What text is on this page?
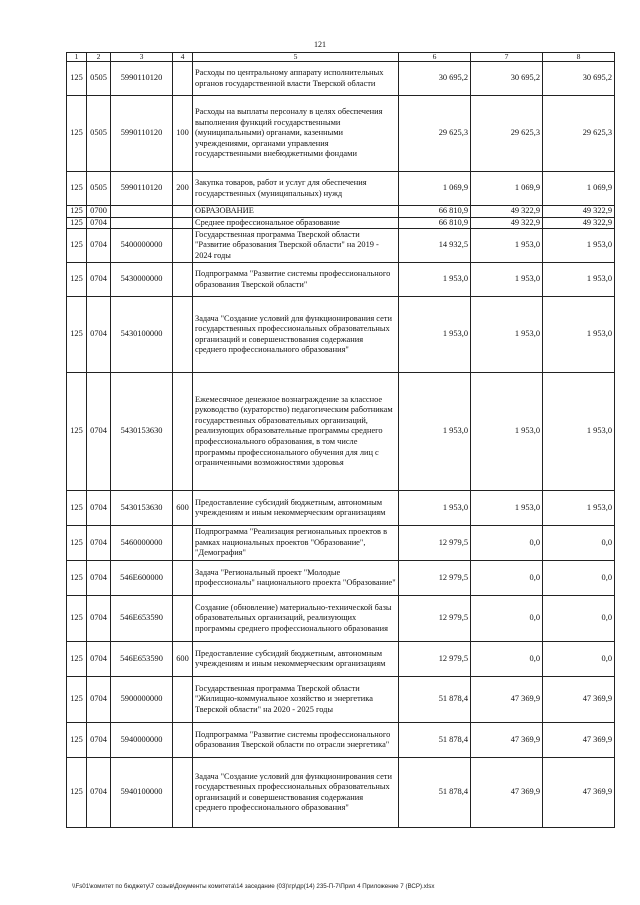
121
1	2	3	4	5	6	7	8
125	0505	5990110120		Расходы по центральному аппарату исполнительных органов государственной власти Тверской области	30 695,2	30 695,2	30 695,2
125	0505	5990110120	100	Расходы на выплаты персоналу в целях обеспечения выполнения функций государственными (муниципальными) органами, казенными учреждениями, органами управления государственными внебюджетными фондами	29 625,3	29 625,3	29 625,3
125	0505	5990110120	200	Закупка товаров, работ и услуг для обеспечения государственных (муниципальных) нужд	1 069,9	1 069,9	1 069,9
125	0700			ОБРАЗОВАНИЕ	66 810,9	49 322,9	49 322,9
125	0704			Среднее профессиональное образование	66 810,9	49 322,9	49 322,9
125	0704	5400000000		Государственная программа Тверской области "Развитие образования Тверской области" на 2019 - 2024 годы	14 932,5	1 953,0	1 953,0
125	0704	5430000000		Подпрограмма "Развитие системы профессионального образования Тверской области"	1 953,0	1 953,0	1 953,0
125	0704	5430100000		Задача "Создание условий для функционирования сети государственных профессиональных образовательных организаций и совершенствования содержания среднего профессионального образования"	1 953,0	1 953,0	1 953,0
125	0704	5430153630		Ежемесячное денежное вознаграждение за классное руководство (кураторство) педагогическим работникам государственных образовательных организаций, реализующих образовательные программы среднего профессионального образования, в том числе программы профессионального обучения для лиц с ограниченными возможностями здоровья	1 953,0	1 953,0	1 953,0
125	0704	5430153630	600	Предоставление субсидий бюджетным, автономным учреждениям и иным некоммерческим организациям	1 953,0	1 953,0	1 953,0
125	0704	5460000000		Подпрограмма "Реализация региональных проектов в рамках национальных проектов "Образование", "Демография"	12 979,5	0,0	0,0
125	0704	546E600000		Задача "Региональный проект "Молодые профессионалы" национального проекта "Образование"	12 979,5	0,0	0,0
125	0704	546E653590		Создание (обновление) материально-технической базы образовательных организаций, реализующих программы среднего профессионального образования	12 979,5	0,0	0,0
125	0704	546E653590	600	Предоставление субсидий бюджетным, автономным учреждениям и иным некоммерческим организациям	12 979,5	0,0	0,0
125	0704	5900000000		Государственная программа Тверской области "Жилищно-коммунальное хозяйство и энергетика Тверской области" на 2020 - 2025 годы	51 878,4	47 369,9	47 369,9
125	0704	5940000000		Подпрограмма "Развитие системы профессионального образования Тверской области по отрасли энергетика"	51 878,4	47 369,9	47 369,9
125	0704	5940100000		Задача "Создание условий для функционирования сети государственных профессиональных образовательных организаций и совершенствования содержания среднего профессионального образования"	51 878,4	47 369,9	47 369,9
\\Fs01\комитет по бюджету\7 созыв\Документы комитета\14 заседание (03)\гр\др(14) 235-П-7\Прил 4 Приложение 7 (ВСР).xlsx
